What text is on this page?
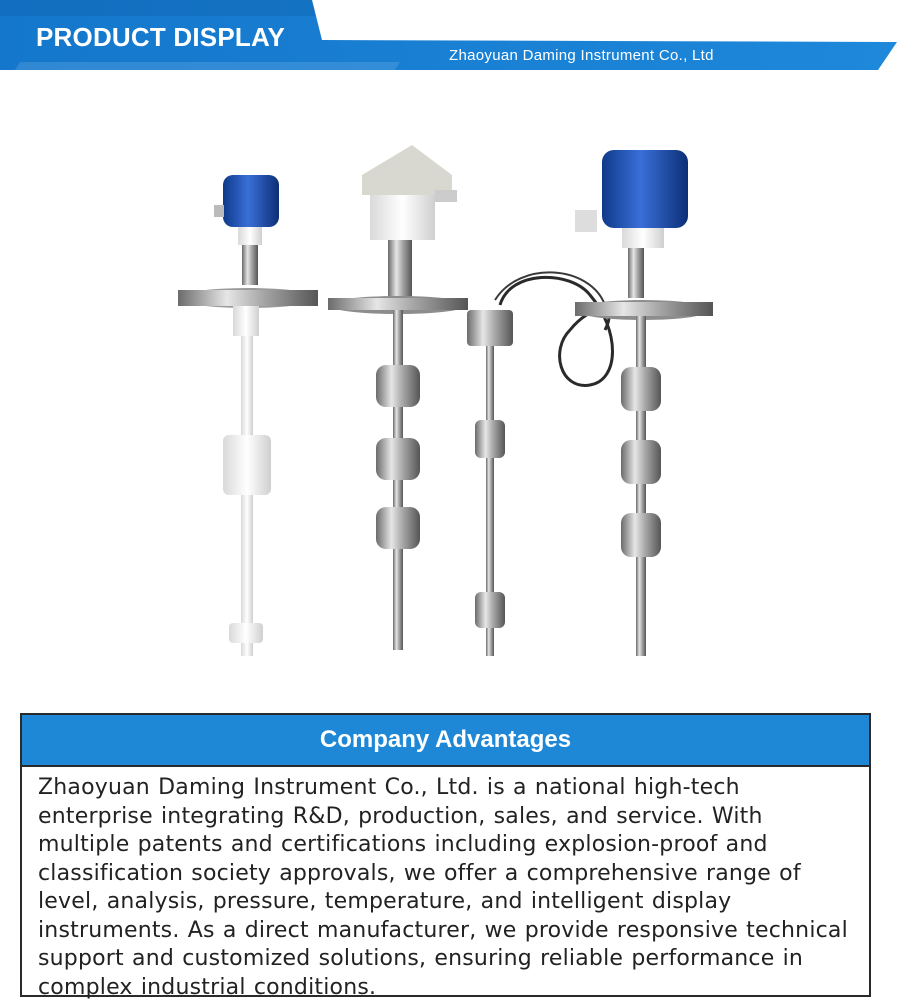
PRODUCT DISPLAY
Zhaoyuan Daming Instrument Co., Ltd
Company Advantages

Zhaoyuan Daming Instrument Co., Ltd. is a national high-tech enterprise integrating R&D, production, sales, and service. With multiple patents and certifications including explosion-proof and classification society approvals, we offer a comprehensive range of level, analysis, pressure, temperature, and intelligent display instruments. As a direct manufacturer, we provide responsive technical support and customized solutions, ensuring reliable performance in complex industrial conditions.
